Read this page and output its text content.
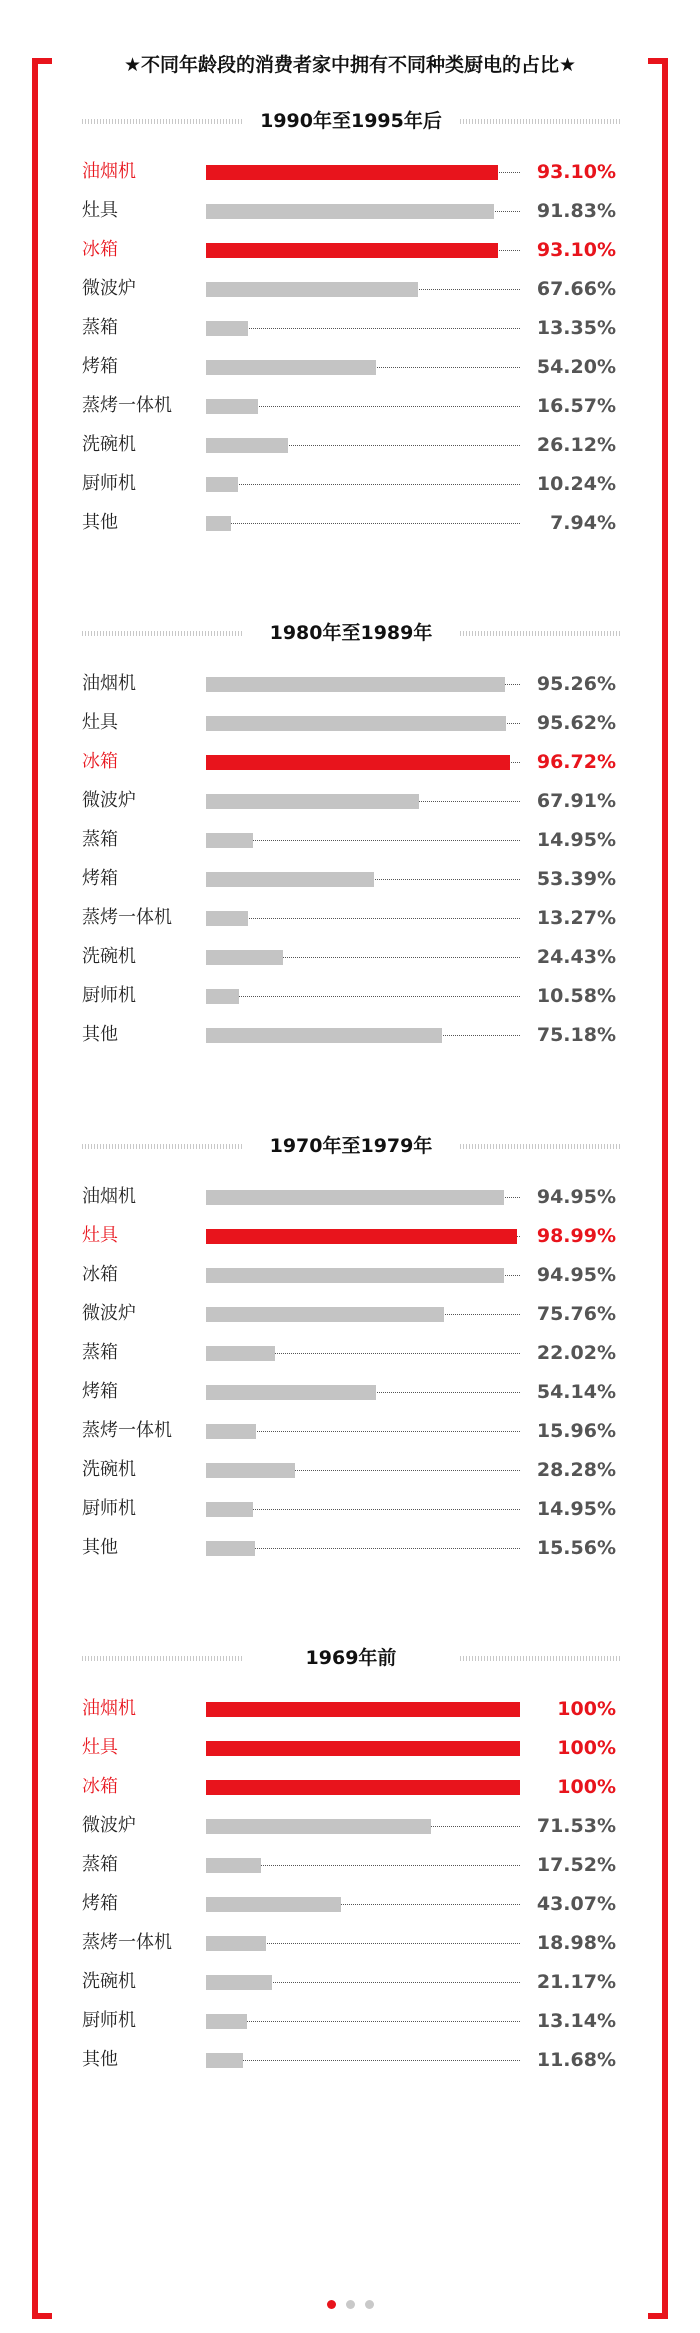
★不同年龄段的消费者家中拥有不同种类厨电的占比★
1990年至1995年后
油烟机	93.10%
灶具	91.83%
冰箱	93.10%
微波炉	67.66%
蒸箱	13.35%
烤箱	54.20%
蒸烤一体机	16.57%
洗碗机	26.12%
厨师机	10.24%
其他	7.94%
1980年至1989年
油烟机	95.26%
灶具	95.62%
冰箱	96.72%
微波炉	67.91%
蒸箱	14.95%
烤箱	53.39%
蒸烤一体机	13.27%
洗碗机	24.43%
厨师机	10.58%
其他	75.18%
1970年至1979年
油烟机	94.95%
灶具	98.99%
冰箱	94.95%
微波炉	75.76%
蒸箱	22.02%
烤箱	54.14%
蒸烤一体机	15.96%
洗碗机	28.28%
厨师机	14.95%
其他	15.56%
1969年前
油烟机	100%
灶具	100%
冰箱	100%
微波炉	71.53%
蒸箱	17.52%
烤箱	43.07%
蒸烤一体机	18.98%
洗碗机	21.17%
厨师机	13.14%
其他	11.68%
